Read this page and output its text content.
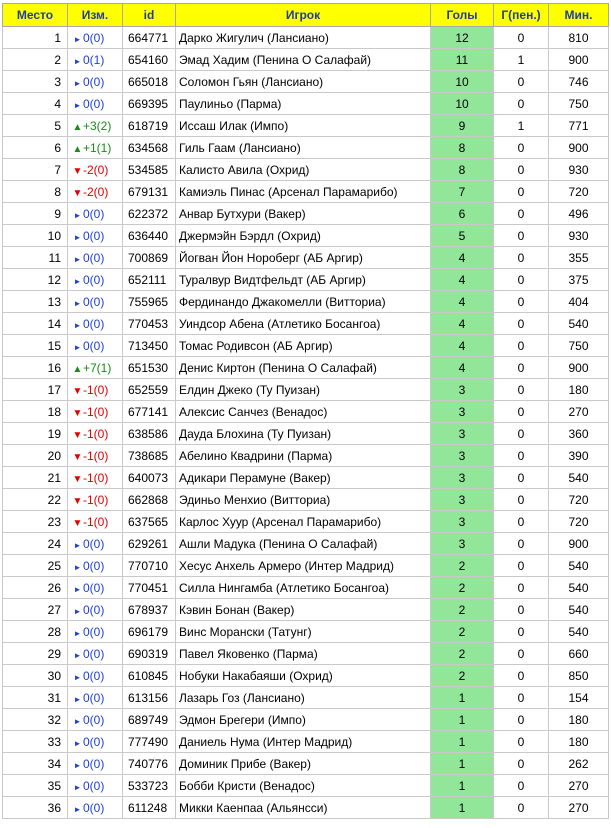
Место	Изм.	id	Игрок	Голы	Г(пен.)	Мин.
1	► 0(0)	664771	Дарко Жигулич (Лансиано)	12	0	810
2	► 0(1)	654160	Эмад Хадим (Пенина О Салафай)	11	1	900
3	► 0(0)	665018	Соломон Гьян (Лансиано)	10	0	746
4	► 0(0)	669395	Паулиньо (Парма)	10	0	750
5	▲+3(2)	618719	Иссаш Илак (Импо)	9	1	771
6	▲+1(1)	634568	Гиль Гаам (Лансиано)	8	0	900
7	▼-2(0)	534585	Калисто Авила (Охрид)	8	0	930
8	▼-2(0)	679131	Камиэль Пинас (Арсенал Парамарибо)	7	0	720
9	► 0(0)	622372	Анвар Бутхури (Вакер)	6	0	496
10	► 0(0)	636440	Джермэйн Бэрдл (Охрид)	5	0	930
11	► 0(0)	700869	Йогван Йон Нороберг (АБ Аргир)	4	0	355
12	► 0(0)	652111	Туралвур Видтфельдт (АБ Аргир)	4	0	375
13	► 0(0)	755965	Фердинандо Джакомелли (Витториа)	4	0	404
14	► 0(0)	770453	Уиндсор Абена (Атлетико Босангоа)	4	0	540
15	► 0(0)	713450	Томас Родивсон (АБ Аргир)	4	0	750
16	▲+7(1)	651530	Денис Киртон (Пенина О Салафай)	4	0	900
17	▼-1(0)	652559	Елдин Джеко (Ту Пуизан)	3	0	180
18	▼-1(0)	677141	Алексис Санчез (Венадос)	3	0	270
19	▼-1(0)	638586	Дауда Блохина (Ту Пуизан)	3	0	360
20	▼-1(0)	738685	Абелино Квадрини (Парма)	3	0	390
21	▼-1(0)	640073	Адикари Перамуне (Вакер)	3	0	540
22	▼-1(0)	662868	Эдиньо Менхио (Витториа)	3	0	720
23	▼-1(0)	637565	Карлос Хуур (Арсенал Парамарибо)	3	0	720
24	► 0(0)	629261	Ашли Мадука (Пенина О Салафай)	3	0	900
25	► 0(0)	770710	Хесус Анхель Армеро (Интер Мадрид)	2	0	540
26	► 0(0)	770451	Силла Нингамба (Атлетико Босангоа)	2	0	540
27	► 0(0)	678937	Кэвин Бонан (Вакер)	2	0	540
28	► 0(0)	696179	Винс Морански (Татунг)	2	0	540
29	► 0(0)	690319	Павел Яковенко (Парма)	2	0	660
30	► 0(0)	610845	Нобуки Накабаяши (Охрид)	2	0	850
31	► 0(0)	613156	Лазарь Гоз (Лансиано)	1	0	154
32	► 0(0)	689749	Эдмон Брегери (Импо)	1	0	180
33	► 0(0)	777490	Даниель Нума (Интер Мадрид)	1	0	180
34	► 0(0)	740776	Доминик Прибе (Вакер)	1	0	262
35	► 0(0)	533723	Бобби Кристи (Венадос)	1	0	270
36	► 0(0)	611248	Микки Каенпаа (Альянсси)	1	0	270
